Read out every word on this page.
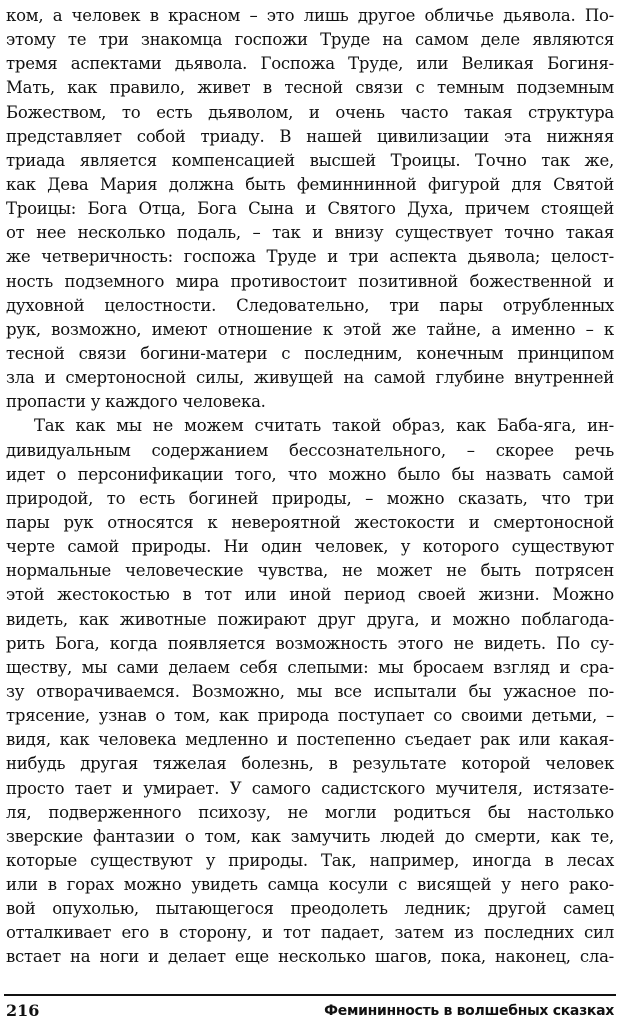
ком, а человек в красном – это лишь другое обличье дьявола. По-
этому те три знакомца госпожи Труде на самом деле являются
тремя аспектами дьявола. Госпожа Труде, или Великая Богиня-
Мать, как правило, живет в тесной связи с темным подземным
Божеством, то есть дьяволом, и очень часто такая структура
представляет собой триаду. В нашей цивилизации эта нижняя
триада является компенсацией высшей Троицы. Точно так же,
как Дева Мария должна быть феминнинной фигурой для Святой
Троицы: Бога Отца, Бога Сына и Святого Духа, причем стоящей
от нее несколько подаль, – так и внизу существует точно такая
же четверичность: госпожа Труде и три аспекта дьявола; целост-
ность подземного мира противостоит позитивной божественной и
духовной целостности. Следовательно, три пары отрубленных
рук, возможно, имеют отношение к этой же тайне, а именно – к
тесной связи богини-матери с последним, конечным принципом
зла и смертоносной силы, живущей на самой глубине внутренней
пропасти у каждого человека.
Так как мы не можем считать такой образ, как Баба-яга, ин-
дивидуальным содержанием бессознательного, – скорее речь
идет о персонификации того, что можно было бы назвать самой
природой, то есть богиней природы, – можно сказать, что три
пары рук относятся к невероятной жестокости и смертоносной
черте самой природы. Ни один человек, у которого существуют
нормальные человеческие чувства, не может не быть потрясен
этой жестокостью в тот или иной период своей жизни. Можно
видеть, как животные пожирают друг друга, и можно поблагода-
рить Бога, когда появляется возможность этого не видеть. По су-
ществу, мы сами делаем себя слепыми: мы бросаем взгляд и сра-
зу отворачиваемся. Возможно, мы все испытали бы ужасное по-
трясение, узнав о том, как природа поступает со своими детьми, –
видя, как человека медленно и постепенно съедает рак или какая-
нибудь другая тяжелая болезнь, в результате которой человек
просто тает и умирает. У самого садистского мучителя, истязате-
ля, подверженного психозу, не могли родиться бы настолько
зверские фантазии о том, как замучить людей до смерти, как те,
которые существуют у природы. Так, например, иногда в лесах
или в горах можно увидеть самца косули с висящей у него рако-
вой опухолью, пытающегося преодолеть ледник; другой самец
отталкивает его в сторону, и тот падает, затем из последних сил
встает на ноги и делает еще несколько шагов, пока, наконец, сла-
216	Фемининность в волшебных сказках
